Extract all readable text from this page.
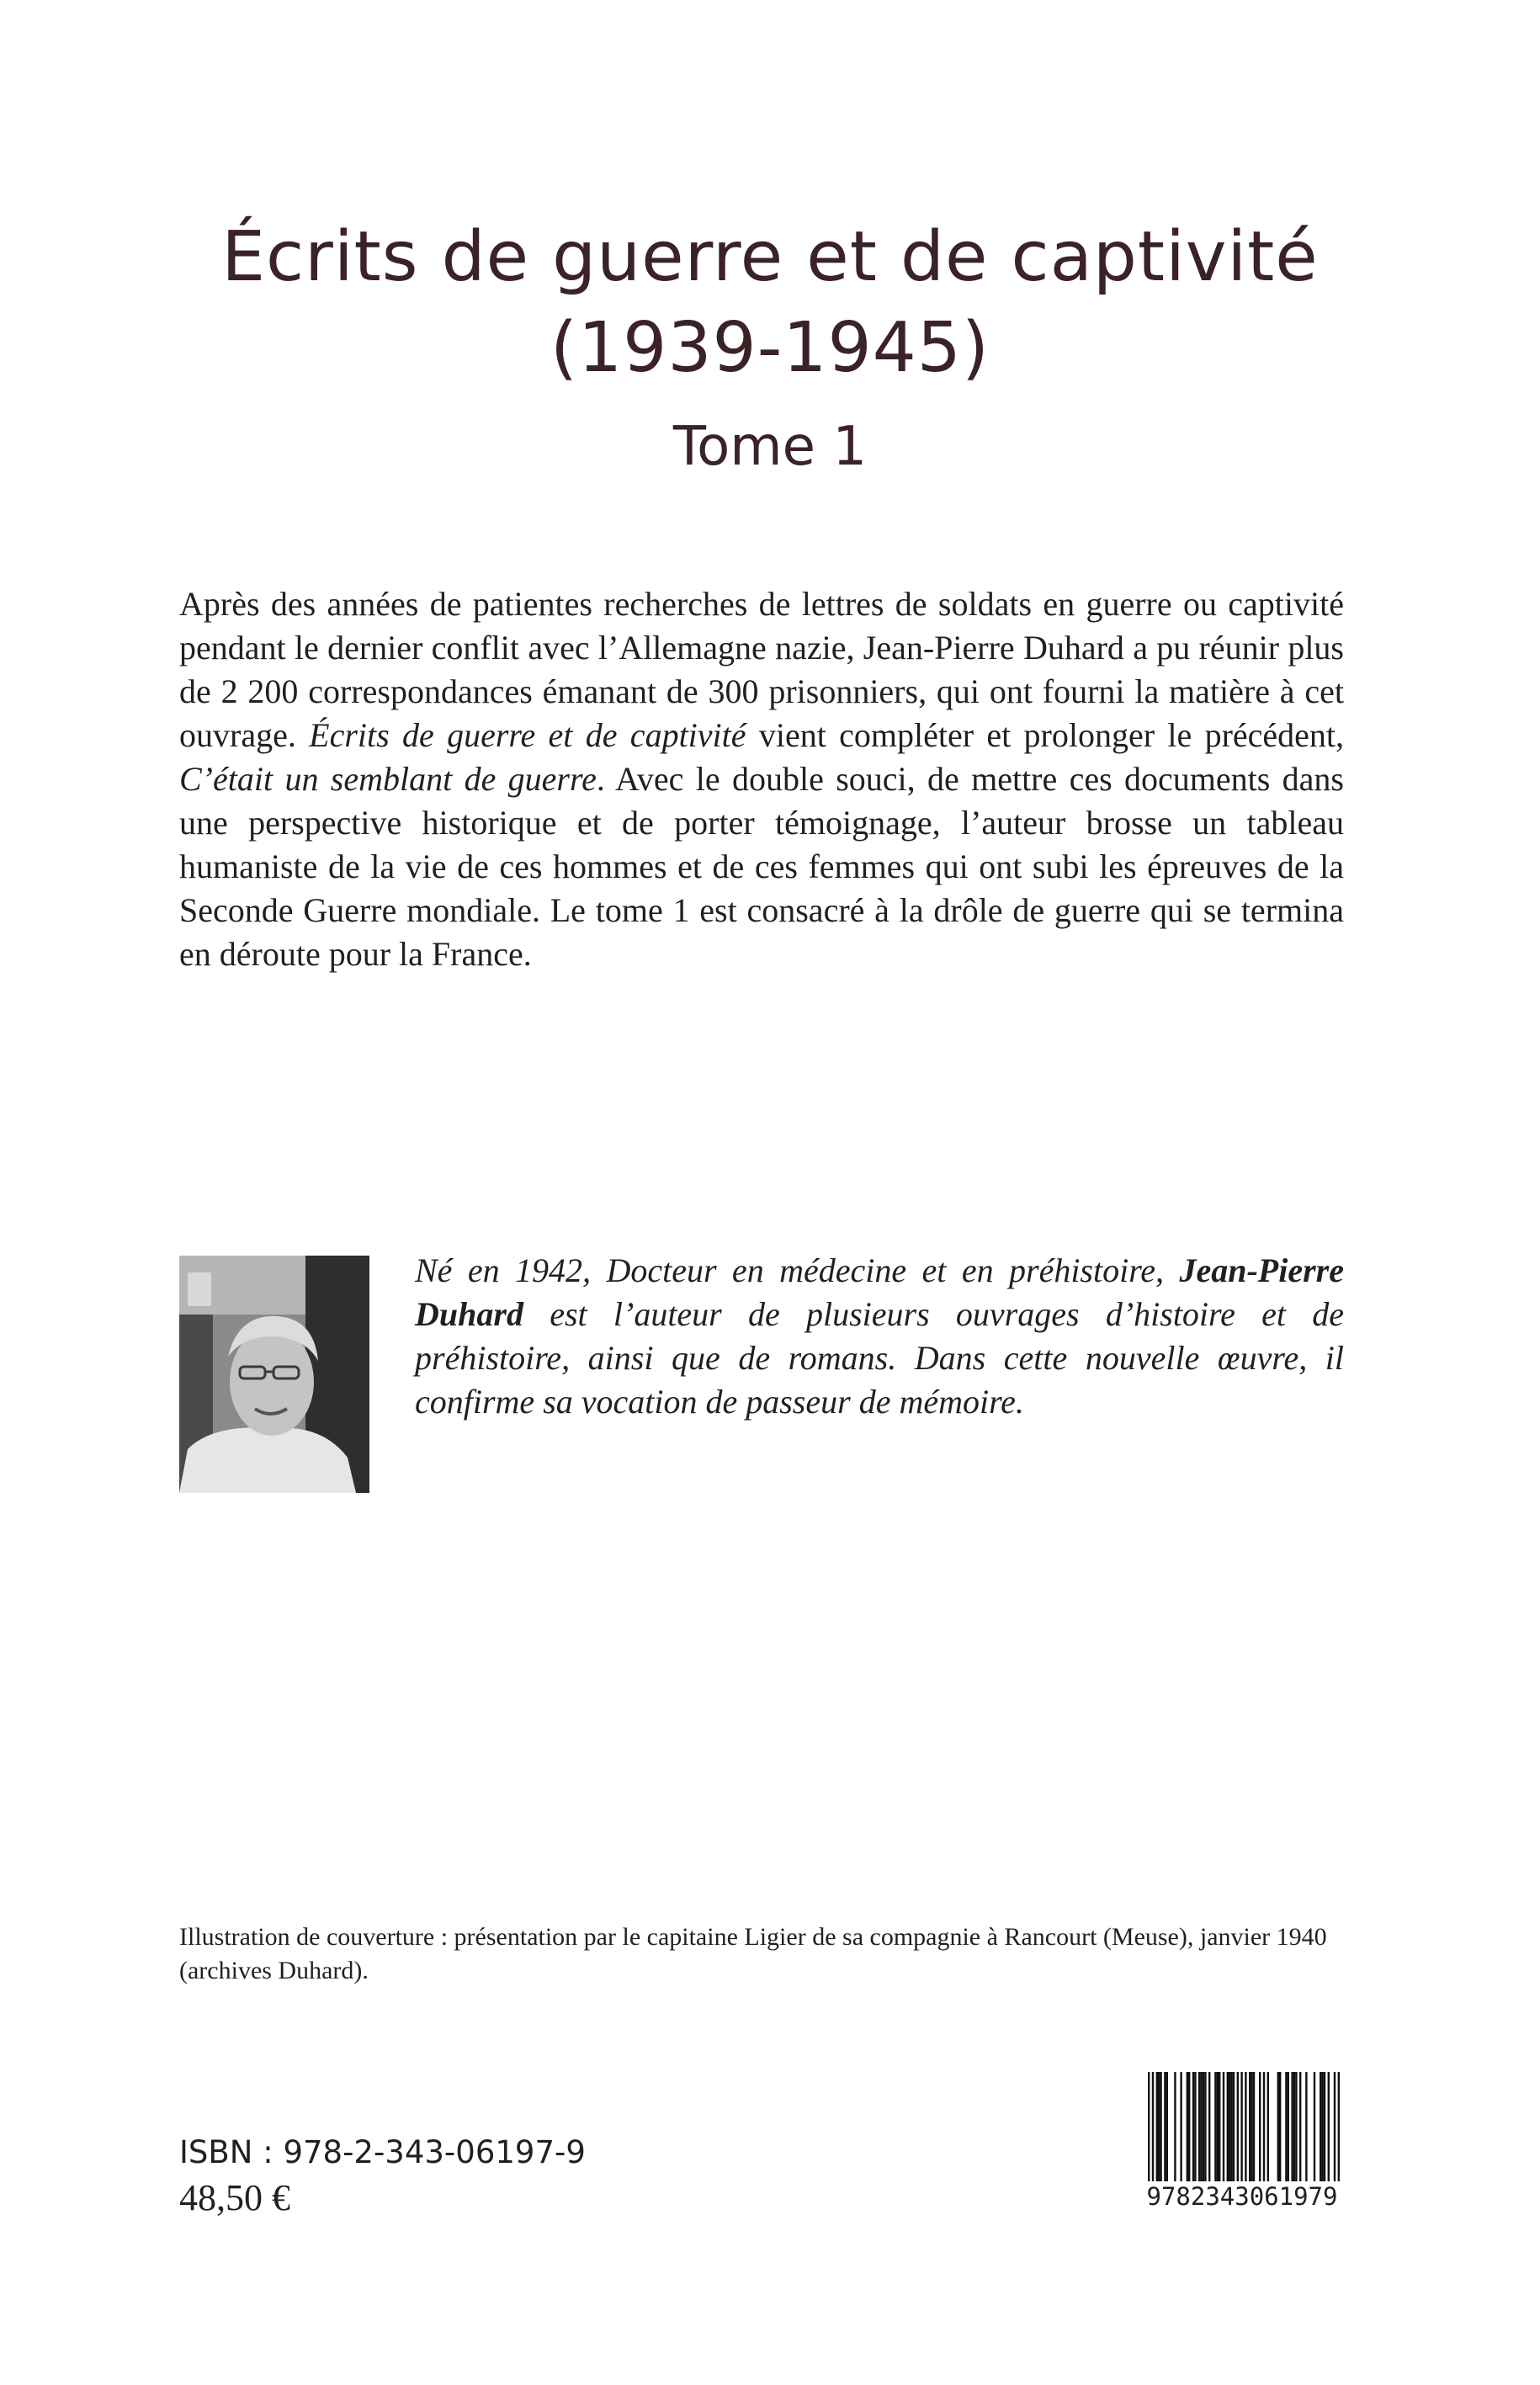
Écrits de guerre et de captivité
(1939-1945)
Tome 1

Après des années de patientes recherches de lettres de soldats en guerre ou captivité pendant le dernier conflit avec l’Allemagne nazie, Jean-Pierre Duhard a pu réunir plus de 2 200 correspondances émanant de 300 prisonniers, qui ont fourni la matière à cet ouvrage. Écrits de guerre et de captivité vient compléter et prolonger le précédent, C’était un semblant de guerre. Avec le double souci, de mettre ces documents dans une perspective historique et de porter témoignage, l’auteur brosse un tableau humaniste de la vie de ces hommes et de ces femmes qui ont subi les épreuves de la Seconde Guerre mondiale. Le tome 1 est consacré à la drôle de guerre qui se termina en déroute pour la France.

Né en 1942, Docteur en médecine et en préhistoire, Jean-Pierre Duhard est l’auteur de plusieurs ouvrages d’histoire et de préhistoire, ainsi que de romans. Dans cette nouvelle œuvre, il confirme sa vocation de passeur de mémoire.

Illustration de couverture : présentation par le capitaine Ligier de sa compagnie à Rancourt (Meuse), janvier 1940 (archives Duhard).

ISBN : 978-2-343-06197-9
48,50 €	9782343061979
